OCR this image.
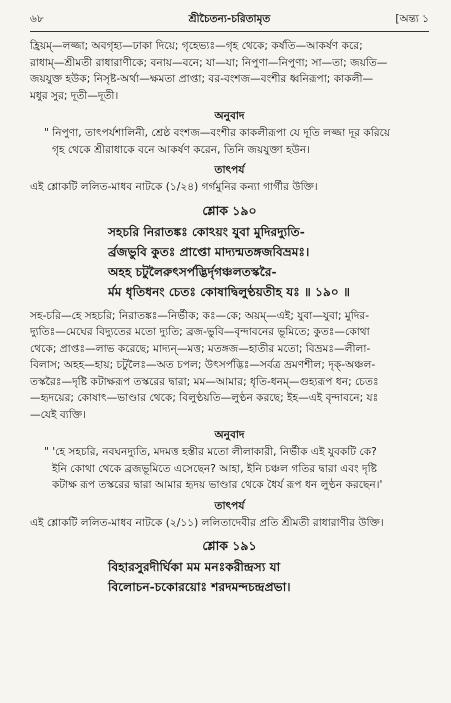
৬৮	শ্রীচৈতন্য-চরিতামৃত	[অন্ত্য ১

হ্রিয়ম্—লজ্জা; অবগৃহ্য—ঢাকা দিয়ে; গৃহেভ্যঃ—গৃহ থেকে; কর্ষতি—আকর্ষণ করে;

রাধাম্—শ্রীমতী রাধারাণীকে; বনায়—বনে; যা—যা; নিপুণা—নিপুণা; সা—তা; জয়তি—

জয়যুক্ত হউক; নিসৃষ্ট-অর্থা—ক্ষমতা প্রাপ্তা; বর-বংশজ—বংশীর ধ্বনিরূপা; কাকলী—

মধুর সুর; দূতী—দূতী।

অনুবাদ

" নিপুণা, তাৎপর্যশালিনী, শ্রেষ্ঠ বংশজ—বংশীর কাকলীরূপা যে দূতি লজ্জা দূর করিয়ে

গৃহ থেকে শ্রীরাধাকে বনে আকর্ষণ করেন, তিনি জয়যুক্তা হউন।

তাৎপর্য

এই শ্লোকটি ললিত-মাধব নাটকে (১/২৪) গর্গমুনির কন্যা গার্গীর উক্তি।

শ্লোক ১৯০

সহচরি নিরাতঙ্কঃ কোঽয়ং যুবা মুদিরদ্যুতি-

র্ব্রজভুবি কুতঃ প্রাপ্তো মাদ্যন্মতঙ্গজবিভ্রমঃ।

অহহ চটুলৈরুৎসর্পদ্ভির্দৃগঞ্চলতস্করৈ-

র্মম ধৃতিধনং চেতঃ কোষাদ্বিলুণ্ঠয়তীহ যঃ ॥ ১৯০ ॥

সহ-চরি—হে সহচরি; নিরাতঙ্কঃ—নির্ভীক; কঃ—কে; অয়ম্—এই; যুবা—যুবা; মুদির-

দ্যুতিঃ—মেঘের বিদ্যুতের মতো দ্যুতি; ব্রজ-ভুবি—বৃন্দাবনের ভূমিতে; কুতঃ—কোথা

থেকে; প্রাপ্তঃ—লাভ করেছে; মাদ্যন্—মত্ত; মতঙ্গজ—হাতীর মতো; বিভ্রমঃ—লীলা-

বিলাস; অহহ—হায়; চটুলৈঃ—অত চপল; উৎসর্পদ্ভিঃ—সর্বত্র ভ্রমণশীল; দৃক্-অঞ্চল-

তস্করৈঃ—দৃষ্টি কটাক্ষরূপ তস্করের দ্বারা; মম—আমার; ধৃতি-ধনম্—গুহ্যরূপ ধন; চেতঃ

—হৃদয়ের; কোষাৎ—ভাণ্ডার থেকে; বিলুণ্ঠয়তি—লুণ্ঠন করছে; ইহ—এই বৃন্দাবনে; যঃ

—যেই ব্যক্তি।

অনুবাদ

" 'হে সহচরি, নবঘনদ্যুতি, মদমত্ত হস্তীর মতো লীলাকারী, নির্ভীক এই যুবকটি কে?

ইনি কোথা থেকে ব্রজভূমিতে এসেছেন? আহা, ইনি চঞ্চল গতির দ্বারা এবং দৃষ্টি

কটাক্ষ রূপ তস্করের দ্বারা আমার হৃদয় ভাণ্ডার থেকে ধৈর্য রূপ ধন লুণ্ঠন করছেন।'

তাৎপর্য

এই শ্লোকটি ললিত-মাধব নাটকে (২/১১) ললিতাদেবীর প্রতি শ্রীমতী রাধারাণীর উক্তি।

শ্লোক ১৯১

বিহারসুরদীর্ঘিকা মম মনঃকরীন্দ্রস্য যা

বিলোচন-চকোরয়োঃ শরদমন্দচন্দ্রপ্রভা।
